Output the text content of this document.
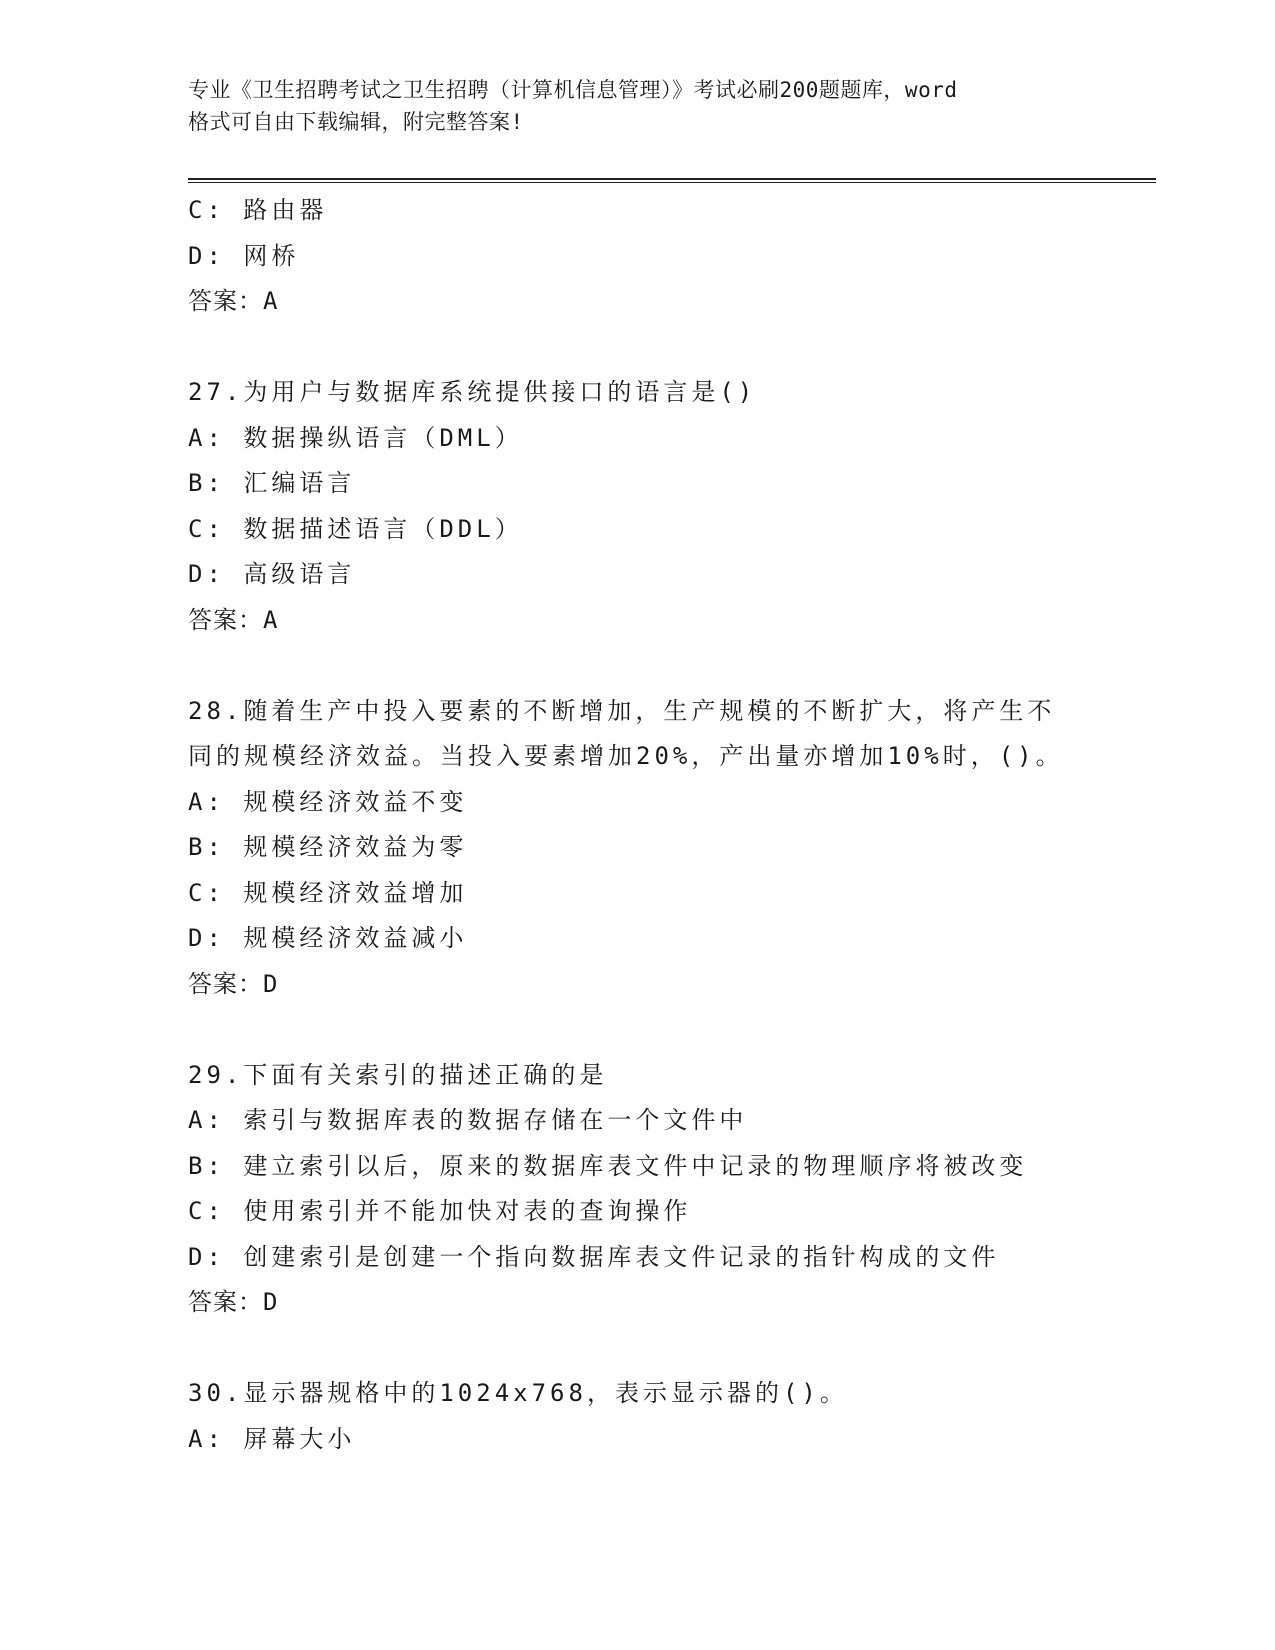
专业《卫生招聘考试之卫生招聘（计算机信息管理）》考试必刷200题题库，word
格式可自由下载编辑，附完整答案!
C: 路由器
D: 网桥
答案：A
27.为用户与数据库系统提供接口的语言是()
A: 数据操纵语言（DML）
B: 汇编语言
C: 数据描述语言（DDL）
D: 高级语言
答案：A
28.随着生产中投入要素的不断增加，生产规模的不断扩大，将产生不
同的规模经济效益。当投入要素增加20%，产出量亦增加10%时，()。
A: 规模经济效益不变
B: 规模经济效益为零
C: 规模经济效益增加
D: 规模经济效益减小
答案：D
29.下面有关索引的描述正确的是
A: 索引与数据库表的数据存储在一个文件中
B: 建立索引以后，原来的数据库表文件中记录的物理顺序将被改变
C: 使用索引并不能加快对表的查询操作
D: 创建索引是创建一个指向数据库表文件记录的指针构成的文件
答案：D
30.显示器规格中的1024x768，表示显示器的()。
A: 屏幕大小
